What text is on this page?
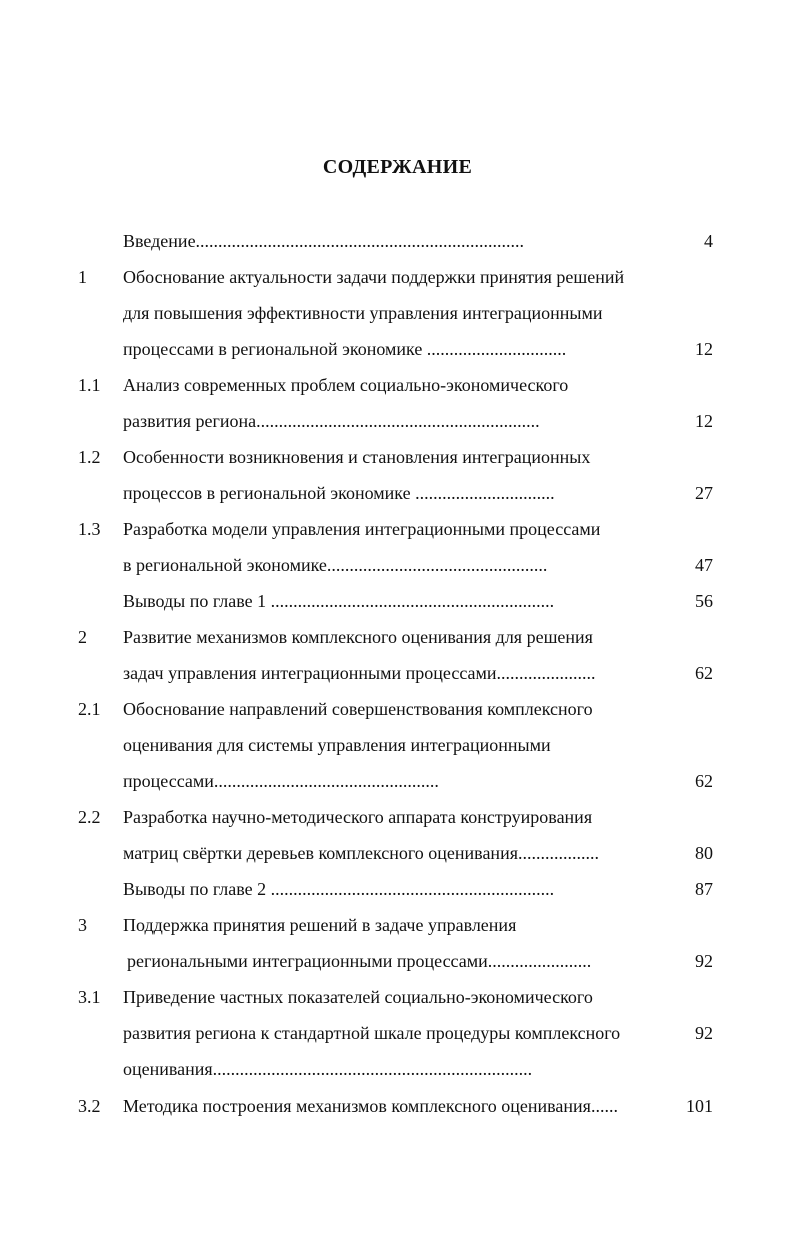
СОДЕРЖАНИЕ
Введение.........................................................................	4
1	Обоснование актуальности задачи поддержки принятия решений
для повышения эффективности управления интеграционными
процессами в региональной экономике ...............................	12
1.1	Анализ современных проблем социально-экономического
развития региона...............................................................	12
1.2	Особенности возникновения и становления интеграционных
процессов в региональной экономике ...............................	27
1.3	Разработка модели управления интеграционными процессами
в региональной экономике.................................................	47
Выводы по главе 1 ...............................................................	56
2	Развитие механизмов комплексного оценивания для решения
задач управления интеграционными процессами......................	62
2.1	Обоснование направлений совершенствования комплексного
оценивания для системы управления интеграционными
процессами..................................................	62
2.2	Разработка научно-методического аппарата конструирования
матриц свёртки деревьев комплексного оценивания..................	80
Выводы по главе 2 ...............................................................	87
3	Поддержка принятия решений в задаче управления
региональными интеграционными процессами.......................	92
3.1	Приведение частных показателей социально-экономического
развития региона к стандартной шкале процедуры комплексного	92
оценивания.......................................................................
3.2	Методика построения механизмов комплексного оценивания......	101
